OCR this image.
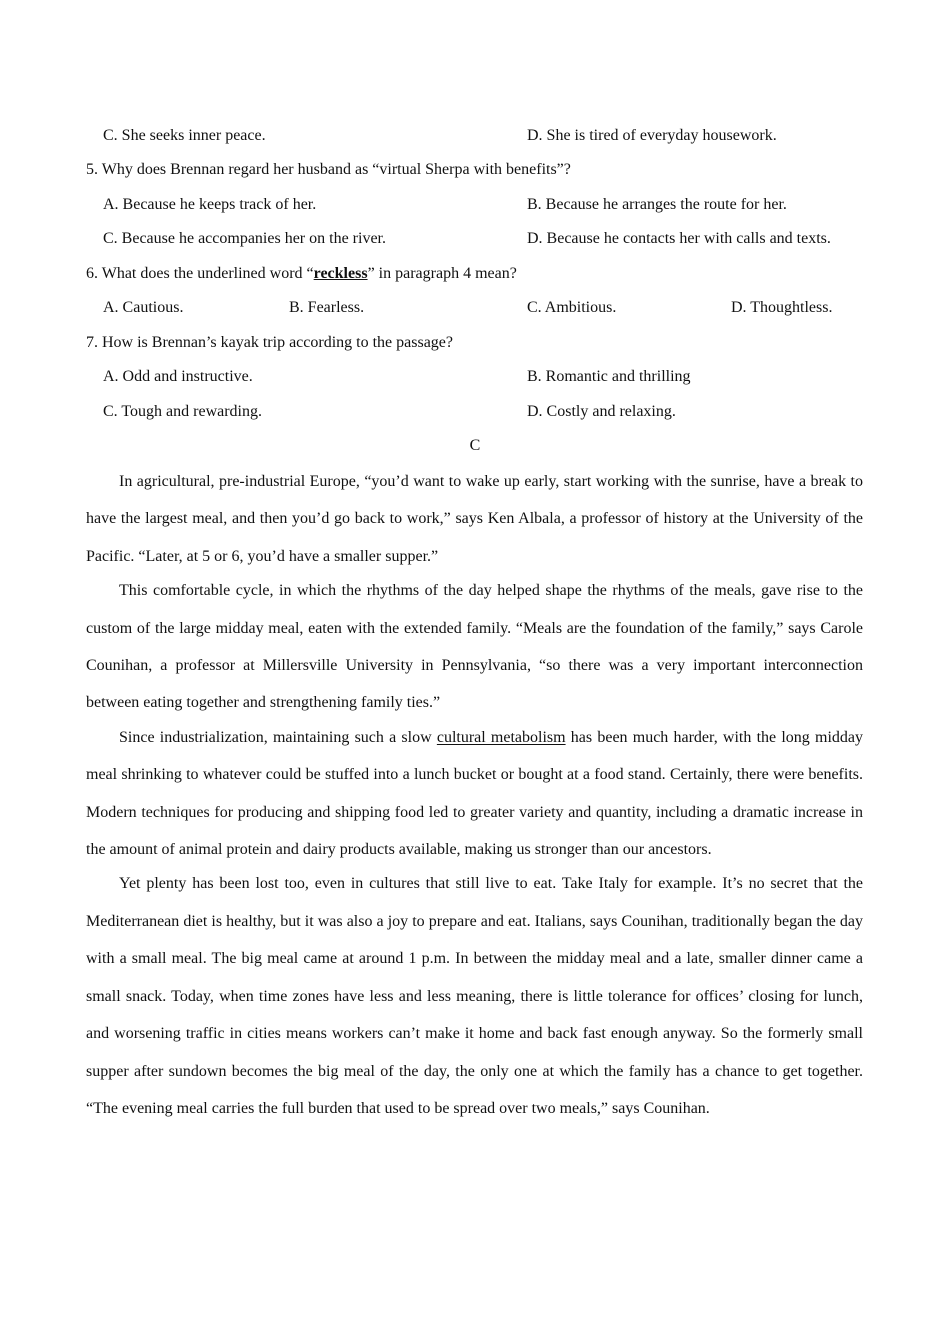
C. She seeks inner peace.	D. She is tired of everyday housework.
5. Why does Brennan regard her husband as “virtual Sherpa with benefits”?
A. Because he keeps track of her.	B. Because he arranges the route for her.
C. Because he accompanies her on the river.	D. Because he contacts her with calls and texts.
6. What does the underlined word “reckless” in paragraph 4 mean?
A. Cautious.	B. Fearless.	C. Ambitious.	D. Thoughtless.
7. How is Brennan’s kayak trip according to the passage?
A. Odd and instructive.	B. Romantic and thrilling
C. Tough and rewarding.	D. Costly and relaxing.
C

In agricultural, pre-industrial Europe, “you’d want to wake up early, start working with the sunrise, have a break to have the largest meal, and then you’d go back to work,” says Ken Albala, a professor of history at the University of the Pacific. “Later, at 5 or 6, you’d have a smaller supper.”

This comfortable cycle, in which the rhythms of the day helped shape the rhythms of the meals, gave rise to the custom of the large midday meal, eaten with the extended family. “Meals are the foundation of the family,” says Carole Counihan, a professor at Millersville University in Pennsylvania, “so there was a very important interconnection between eating together and strengthening family ties.”

Since industrialization, maintaining such a slow cultural metabolism has been much harder, with the long midday meal shrinking to whatever could be stuffed into a lunch bucket or bought at a food stand. Certainly, there were benefits. Modern techniques for producing and shipping food led to greater variety and quantity, including a dramatic increase in the amount of animal protein and dairy products available, making us stronger than our ancestors.

Yet plenty has been lost too, even in cultures that still live to eat. Take Italy for example. It’s no secret that the Mediterranean diet is healthy, but it was also a joy to prepare and eat. Italians, says Counihan, traditionally began the day with a small meal. The big meal came at around 1 p.m. In between the midday meal and a late, smaller dinner came a small snack. Today, when time zones have less and less meaning, there is little tolerance for offices’ closing for lunch, and worsening traffic in cities means workers can’t make it home and back fast enough anyway. So the formerly small supper after sundown becomes the big meal of the day, the only one at which the family has a chance to get together. “The evening meal carries the full burden that used to be spread over two meals,” says Counihan.
